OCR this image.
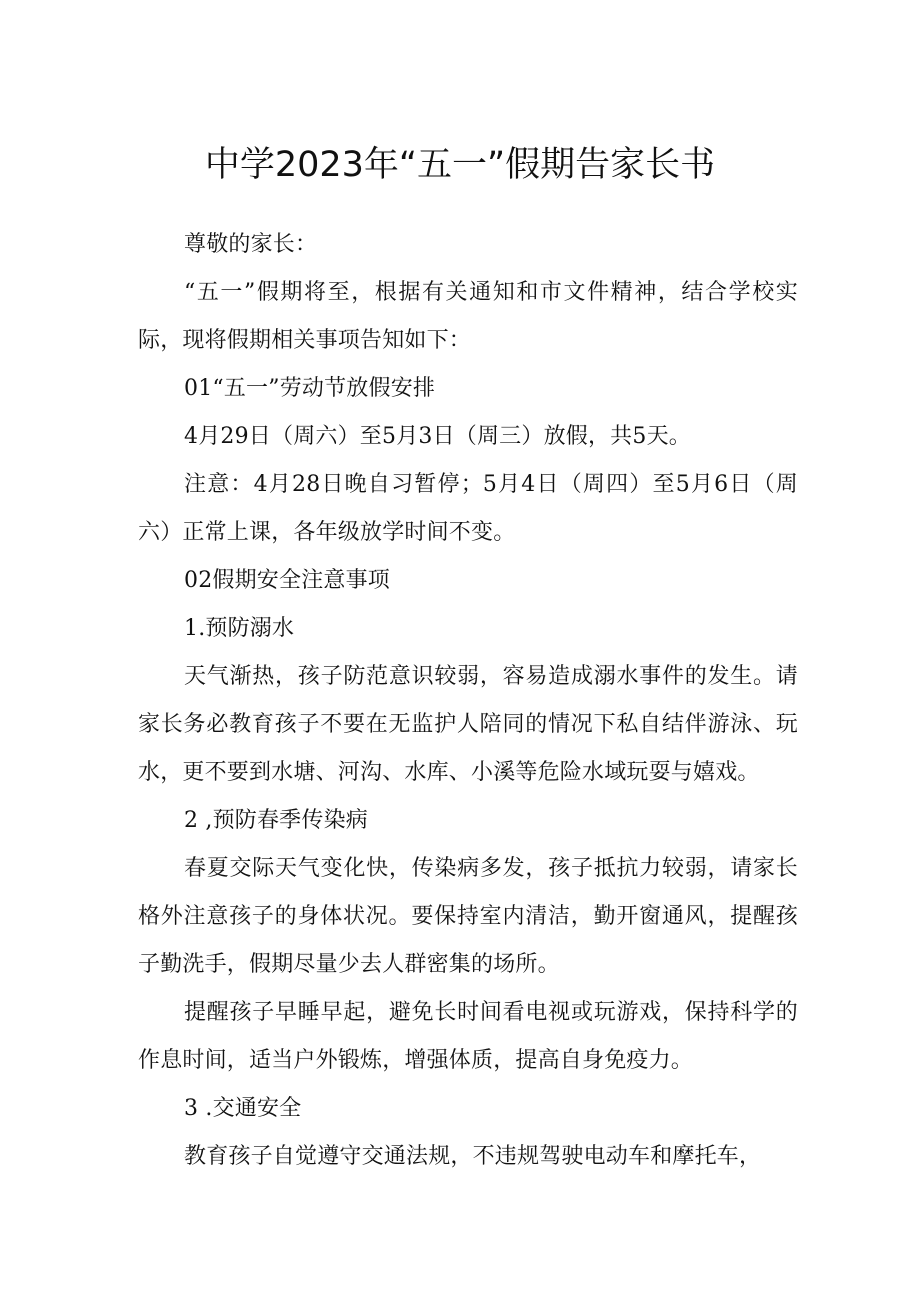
中学2023年“五一”假期告家长书

尊敬的家长：

“五一”假期将至，根据有关通知和市文件精神，结合学校实际，现将假期相关事项告知如下：

01“五一”劳动节放假安排

4月29日（周六）至5月3日（周三）放假，共5天。

注意：4月28日晚自习暂停；5月4日（周四）至5月6日（周六）正常上课，各年级放学时间不变。

02假期安全注意事项

1.预防溺水

天气渐热，孩子防范意识较弱，容易造成溺水事件的发生。请家长务必教育孩子不要在无监护人陪同的情况下私自结伴游泳、玩水，更不要到水塘、河沟、水库、小溪等危险水域玩耍与嬉戏。

2 ,预防春季传染病

春夏交际天气变化快，传染病多发，孩子抵抗力较弱，请家长格外注意孩子的身体状况。要保持室内清洁，勤开窗通风，提醒孩子勤洗手，假期尽量少去人群密集的场所。

提醒孩子早睡早起，避免长时间看电视或玩游戏，保持科学的作息时间，适当户外锻炼，增强体质，提高自身免疫力。

3 .交通安全

教育孩子自觉遵守交通法规，不违规驾驶电动车和摩托车，
